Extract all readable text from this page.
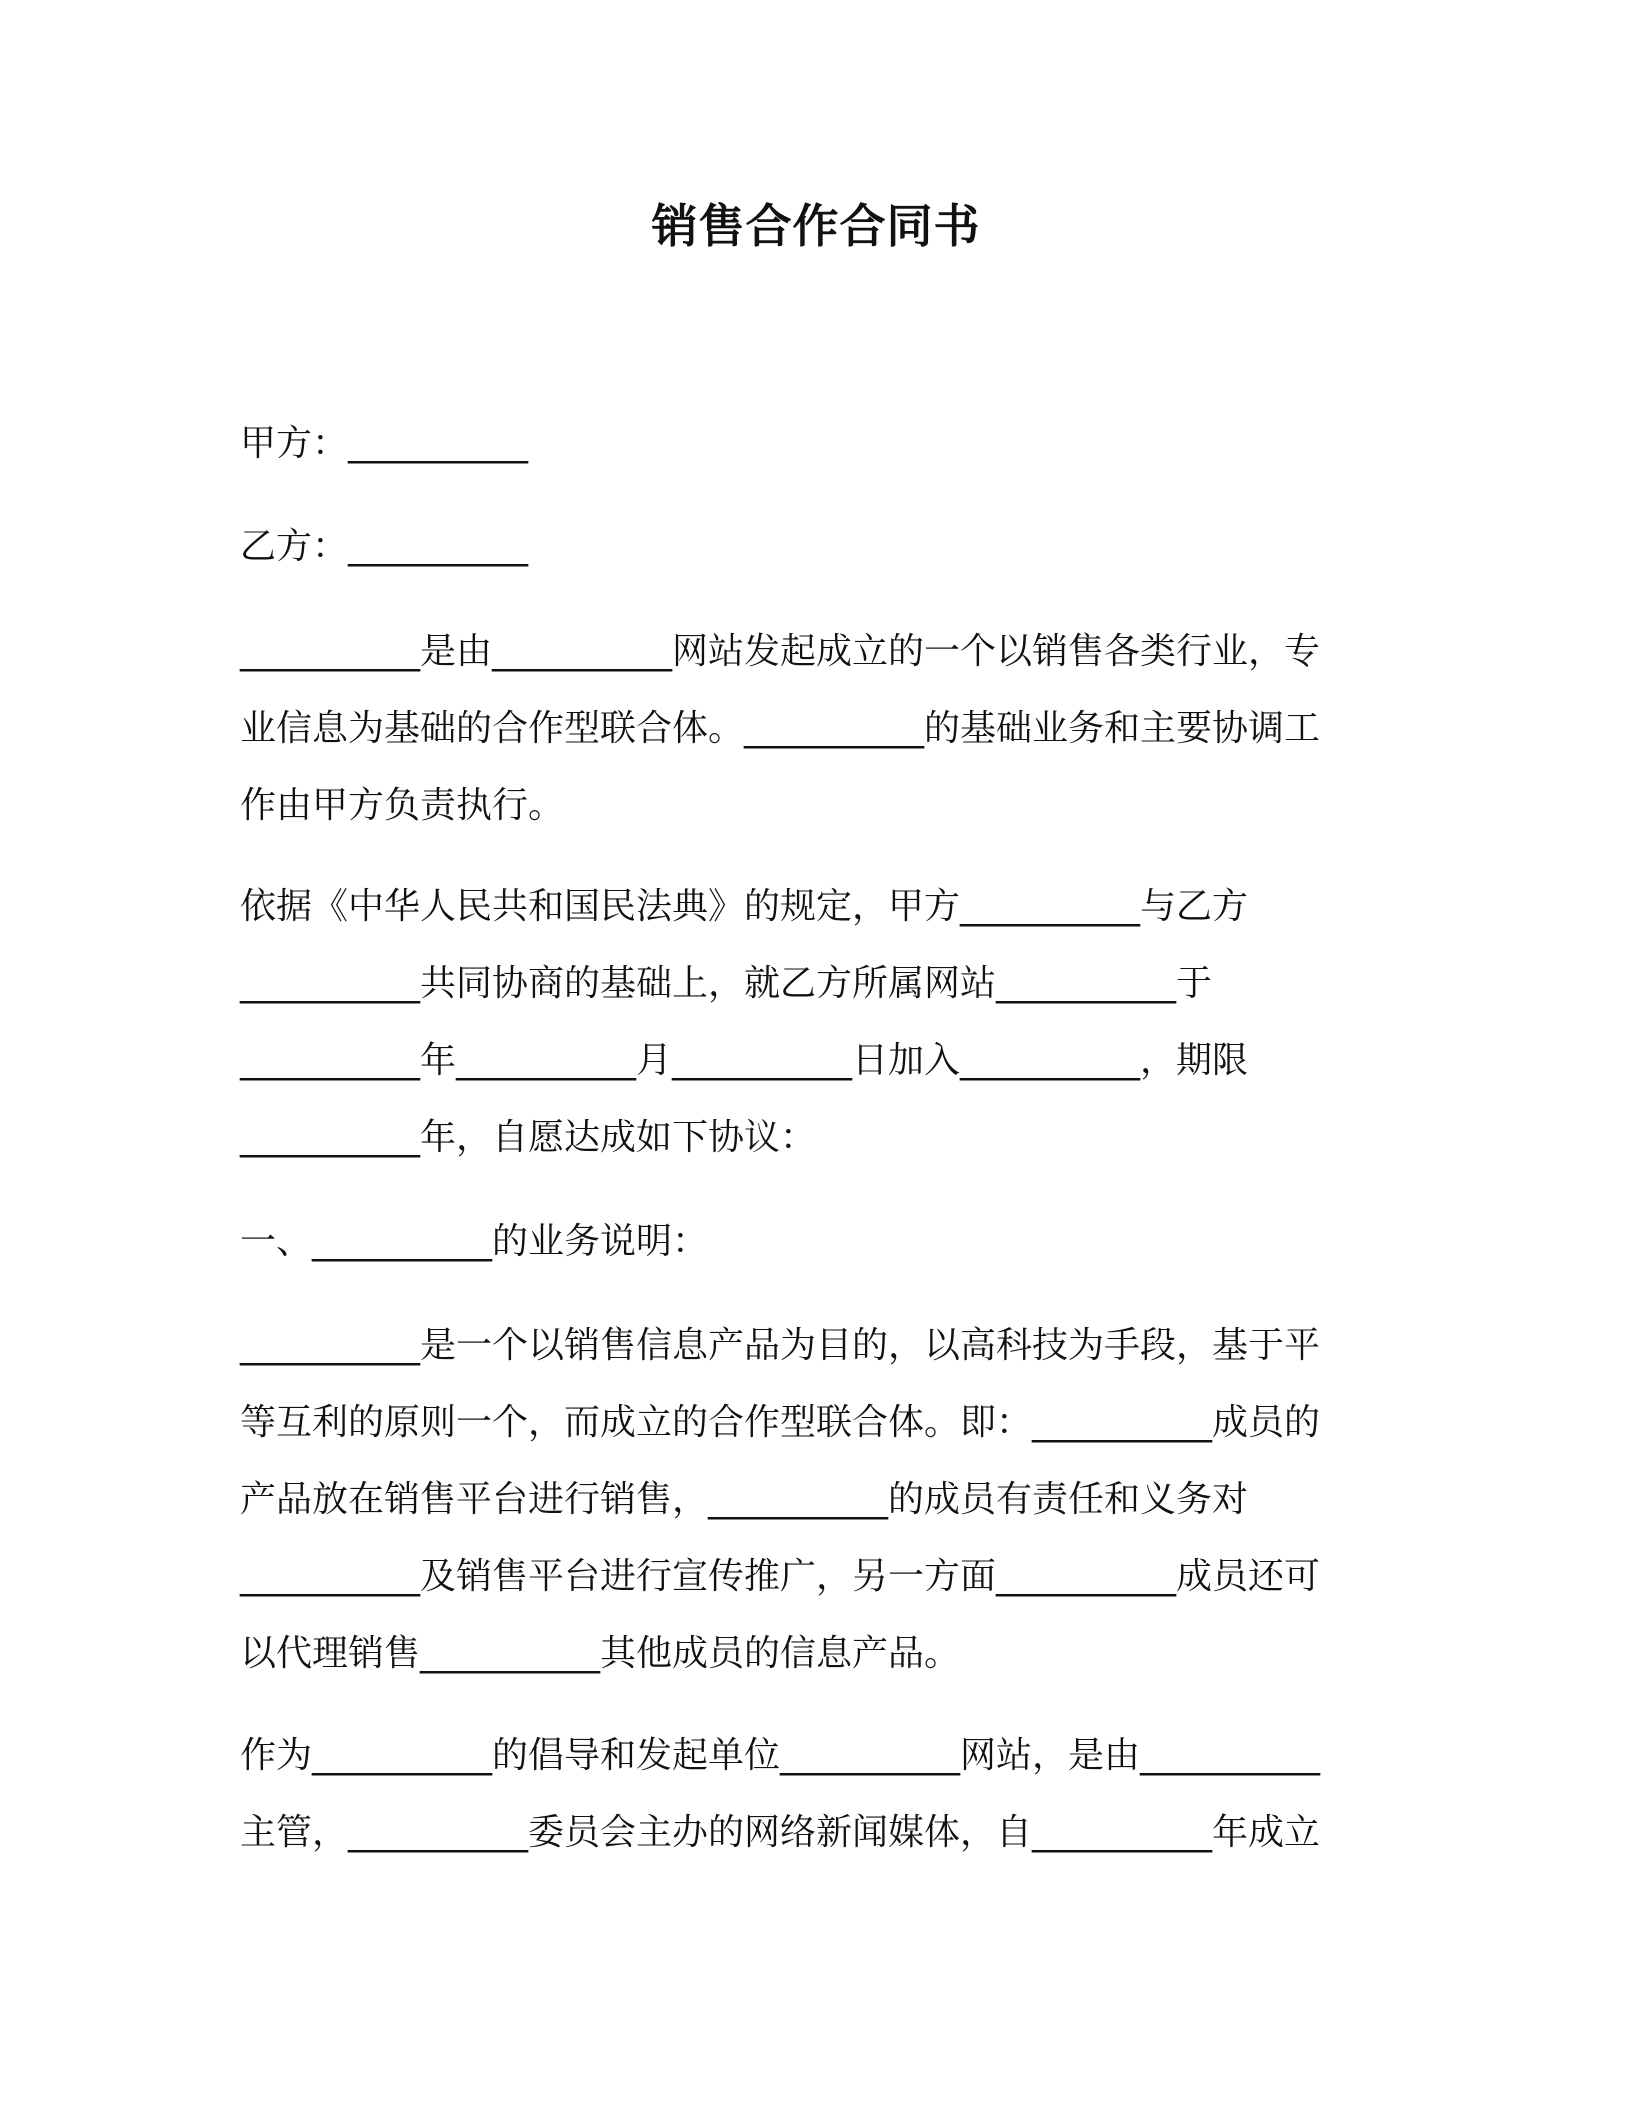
销售合作合同书
甲方：__________
乙方：__________
__________是由__________网站发起成立的一个以销售各类行业，专
业信息为基础的合作型联合体。__________的基础业务和主要协调工
作由甲方负责执行。
依据《中华人民共和国民法典》的规定，甲方__________与乙方
__________共同协商的基础上，就乙方所属网站__________于
__________年__________月__________日加入__________，期限
__________年，自愿达成如下协议：
一、__________的业务说明：
__________是一个以销售信息产品为目的，以高科技为手段，基于平
等互利的原则一个，而成立的合作型联合体。即：__________成员的
产品放在销售平台进行销售，__________的成员有责任和义务对
__________及销售平台进行宣传推广，另一方面__________成员还可
以代理销售__________其他成员的信息产品。
作为__________的倡导和发起单位__________网站，是由__________
主管，__________委员会主办的网络新闻媒体，自__________年成立
